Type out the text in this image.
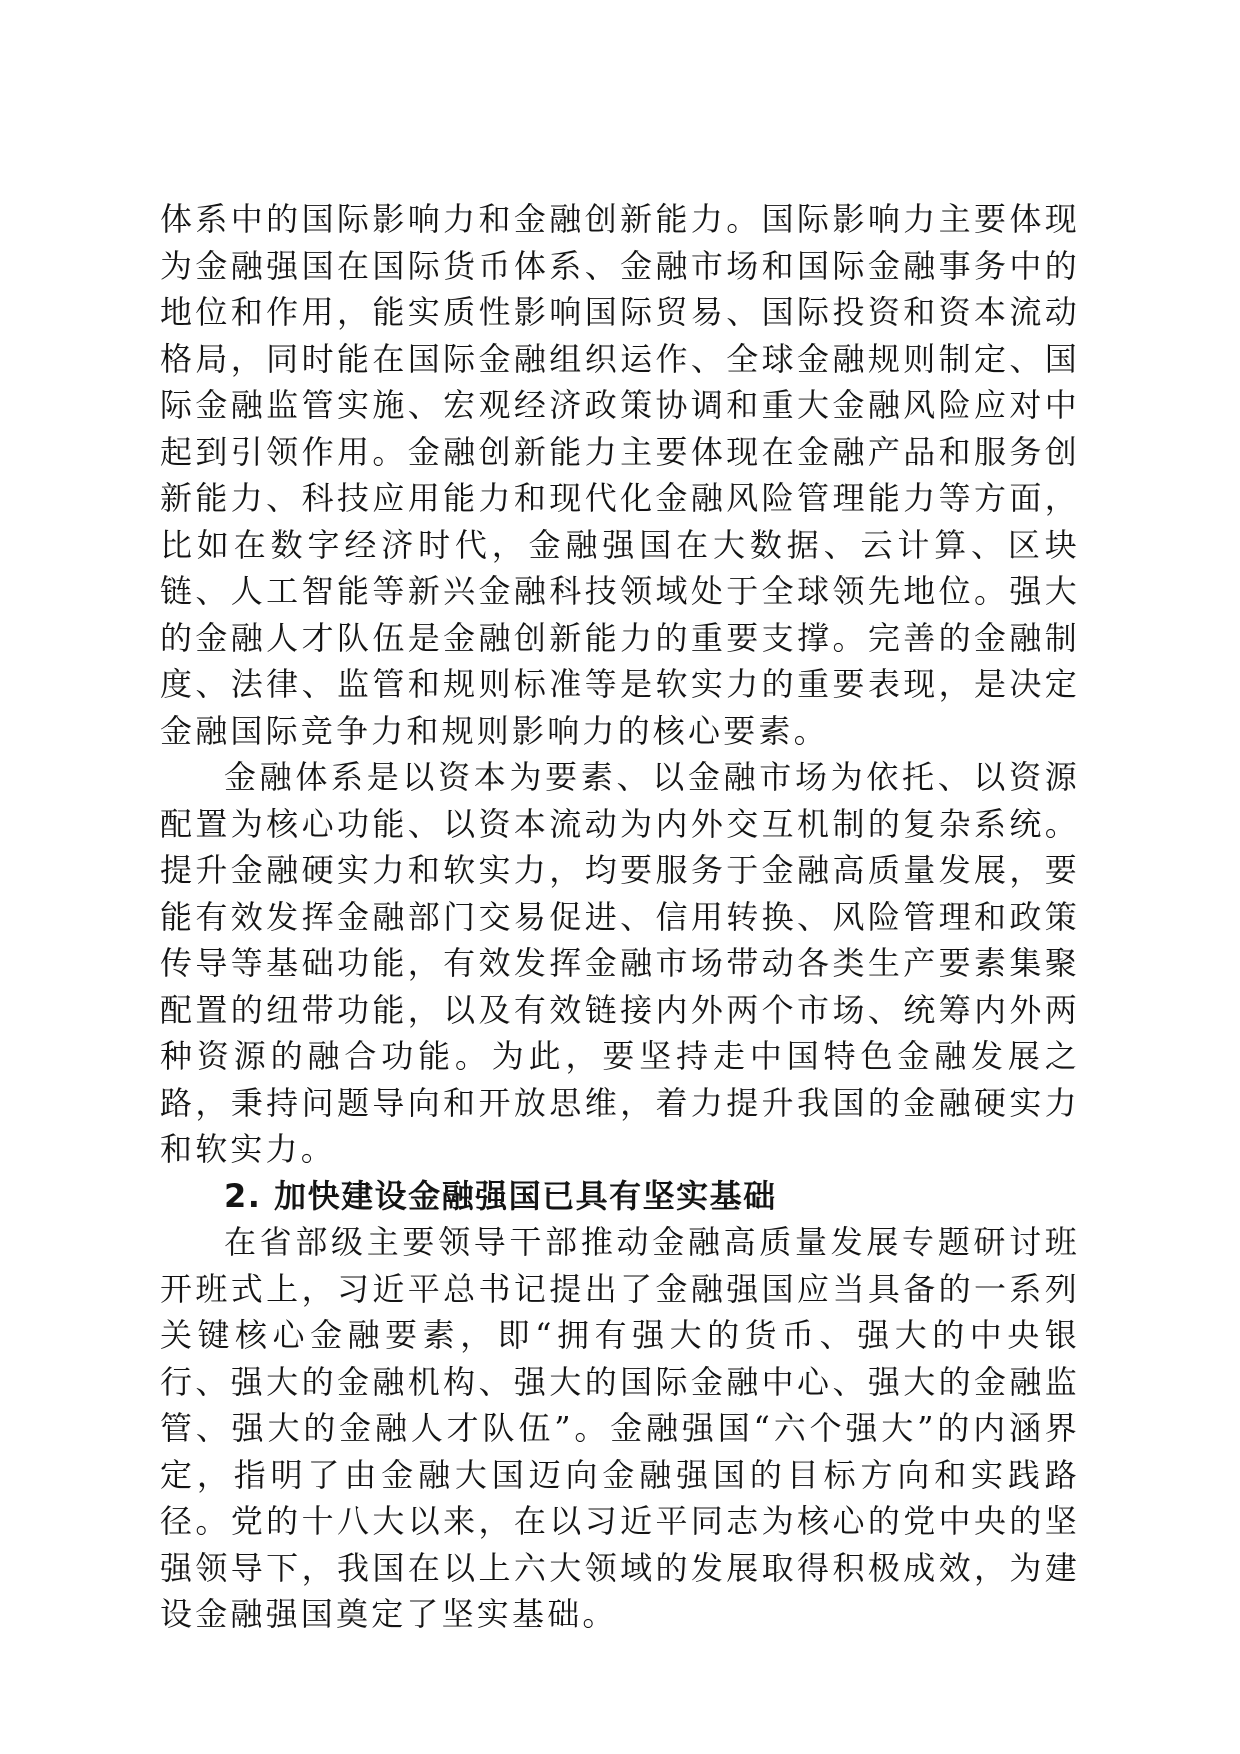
体系中的国际影响力和金融创新能力。国际影响力主要体现为金融强国在国际货币体系、金融市场和国际金融事务中的地位和作用，能实质性影响国际贸易、国际投资和资本流动格局，同时能在国际金融组织运作、全球金融规则制定、国际金融监管实施、宏观经济政策协调和重大金融风险应对中起到引领作用。金融创新能力主要体现在金融产品和服务创新能力、科技应用能力和现代化金融风险管理能力等方面，比如在数字经济时代，金融强国在大数据、云计算、区块链、人工智能等新兴金融科技领域处于全球领先地位。强大的金融人才队伍是金融创新能力的重要支撑。完善的金融制度、法律、监管和规则标准等是软实力的重要表现，是决定金融国际竞争力和规则影响力的核心要素。

金融体系是以资本为要素、以金融市场为依托、以资源配置为核心功能、以资本流动为内外交互机制的复杂系统。提升金融硬实力和软实力，均要服务于金融高质量发展，要能有效发挥金融部门交易促进、信用转换、风险管理和政策传导等基础功能，有效发挥金融市场带动各类生产要素集聚配置的纽带功能，以及有效链接内外两个市场、统筹内外两种资源的融合功能。为此，要坚持走中国特色金融发展之路，秉持问题导向和开放思维，着力提升我国的金融硬实力和软实力。

2. 加快建设金融强国已具有坚实基础

在省部级主要领导干部推动金融高质量发展专题研讨班开班式上，习近平总书记提出了金融强国应当具备的一系列关键核心金融要素，即“拥有强大的货币、强大的中央银行、强大的金融机构、强大的国际金融中心、强大的金融监管、强大的金融人才队伍”。金融强国“六个强大”的内涵界定，指明了由金融大国迈向金融强国的目标方向和实践路径。党的十八大以来，在以习近平同志为核心的党中央的坚强领导下，我国在以上六大领域的发展取得积极成效，为建设金融强国奠定了坚实基础。
